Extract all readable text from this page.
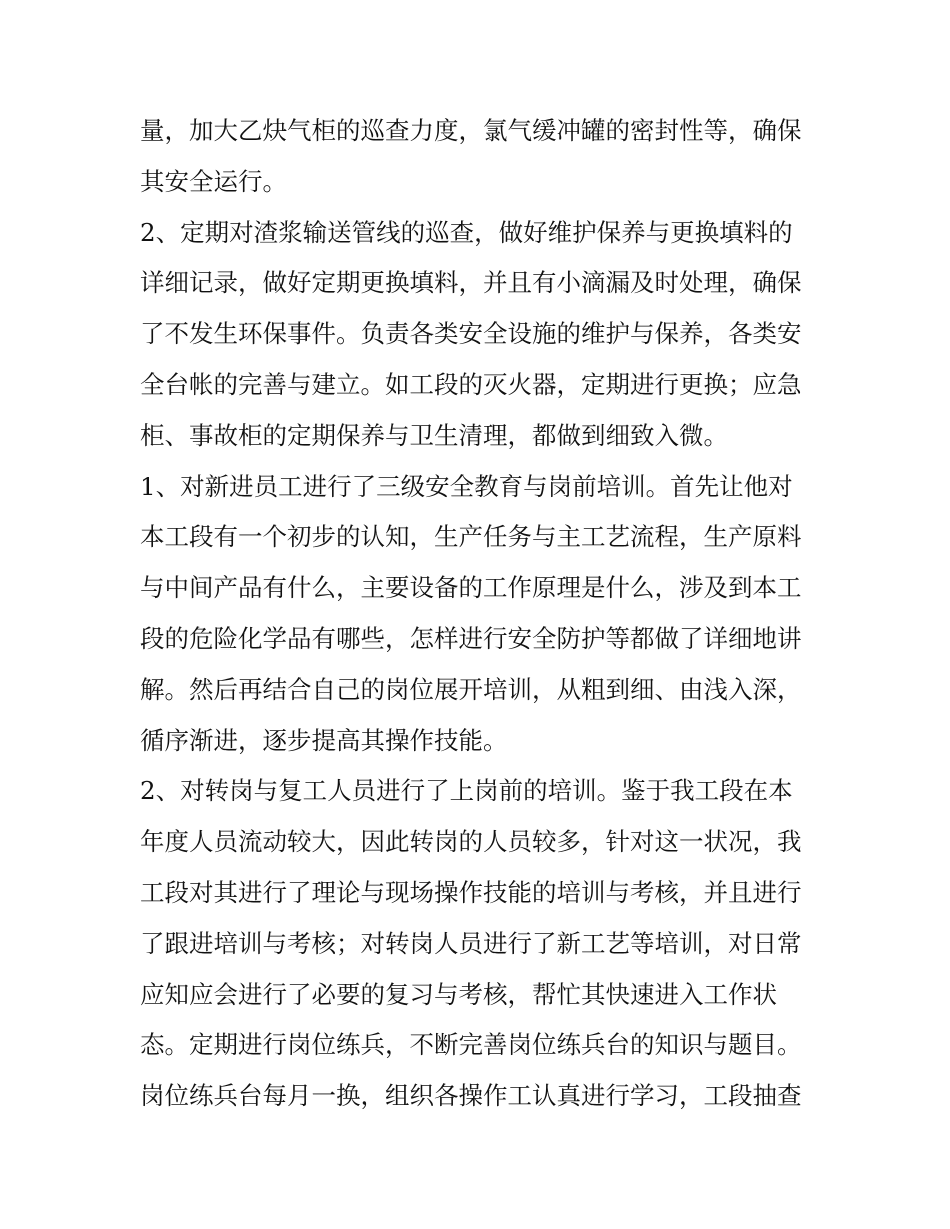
量，加大乙炔气柜的巡查力度，氯气缓冲罐的密封性等，确保
其安全运行。
2、定期对渣浆输送管线的巡查，做好维护保养与更换填料的
详细记录，做好定期更换填料，并且有小滴漏及时处理，确保
了不发生环保事件。负责各类安全设施的维护与保养，各类安
全台帐的完善与建立。如工段的灭火器，定期进行更换；应急
柜、事故柜的定期保养与卫生清理，都做到细致入微。
1、对新进员工进行了三级安全教育与岗前培训。首先让他对
本工段有一个初步的认知，生产任务与主工艺流程，生产原料
与中间产品有什么，主要设备的工作原理是什么，涉及到本工
段的危险化学品有哪些，怎样进行安全防护等都做了详细地讲
解。然后再结合自己的岗位展开培训，从粗到细、由浅入深，
循序渐进，逐步提高其操作技能。
2、对转岗与复工人员进行了上岗前的培训。鉴于我工段在本
年度人员流动较大，因此转岗的人员较多，针对这一状况，我
工段对其进行了理论与现场操作技能的培训与考核，并且进行
了跟进培训与考核；对转岗人员进行了新工艺等培训，对日常
应知应会进行了必要的复习与考核，帮忙其快速进入工作状
态。定期进行岗位练兵，不断完善岗位练兵台的知识与题目。
岗位练兵台每月一换，组织各操作工认真进行学习，工段抽查
